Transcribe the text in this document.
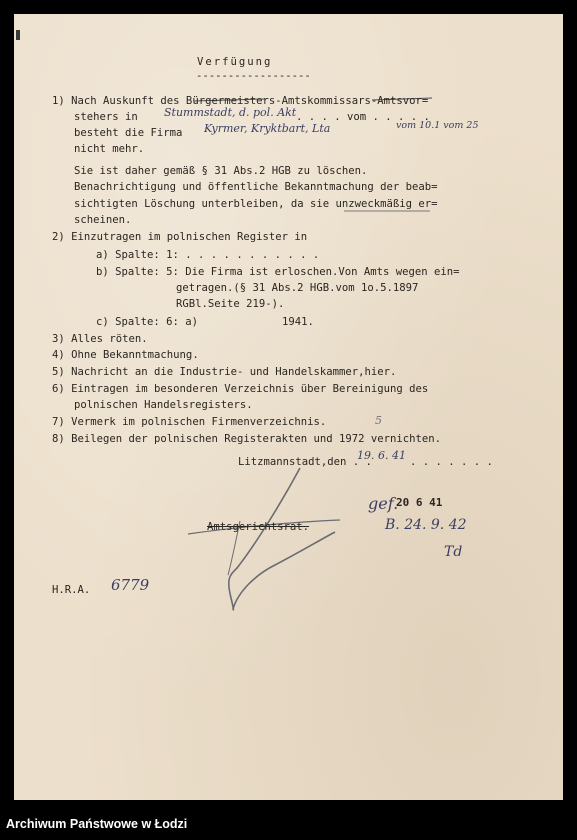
Verfügung
------------------
1) Nach Auskunft des Bürgermeisters-Amtskommissars-Amtsvor=
stehers in Stummstadt, d. pol. Akt . . . . vom . . . . .
besteht die Firma Kyrmer, Kryktbart, Lta	vom 10.1 vom 25
nicht mehr.
Sie ist daher gemäß § 31 Abs.2 HGB zu löschen.
Benachrichtigung und öffentliche Bekanntmachung der beab=
sichtigten Löschung unterbleiben, da sie unzweckmäßig er=
scheinen.
2) Einzutragen im polnischen Register in
a) Spalte: 1: . . . . . . . . . . .
b) Spalte: 5: Die Firma ist erloschen.Von Amts wegen ein=
getragen.(§ 31 Abs.2 HGB.vom 1o.5.1897
RGBl.Seite 219-).
c) Spalte: 6: a)	1941.
3) Alles röten.
4) Ohne Bekanntmachung.
5) Nachricht an die Industrie- und Handelskammer,hier.
6) Eintragen im besonderen Verzeichnis über Bereinigung des
polnischen Handelsregisters.
7) Vermerk im polnischen Firmenverzeichnis.	5
8) Beilegen der polnischen Registerakten und 1972 vernichten.
Litzmannstadt,den . .
19. 6. 41 . . . . . . .
gef.
20 6 41
B. 24. 9. 42
Td
Amtsgerichtsrat.
H.R.A. 6779
Archiwum Państwowe w Łodzi
